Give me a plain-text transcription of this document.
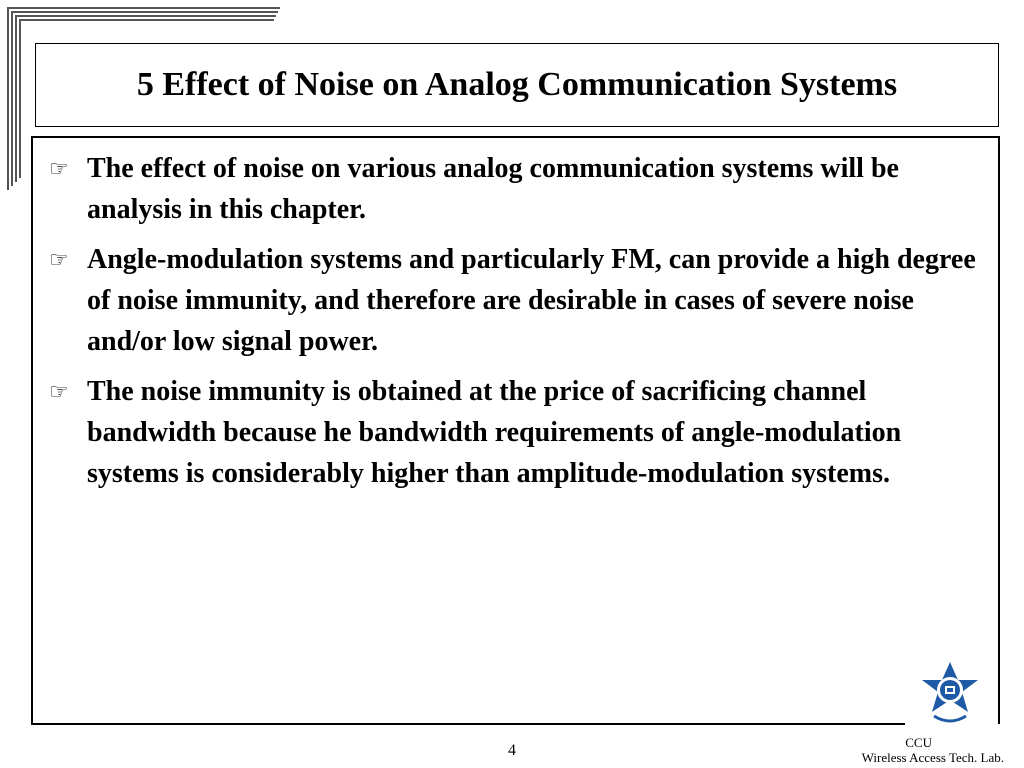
5 Effect of Noise on Analog Communication Systems
☞ The effect of noise on various analog communication systems will be analysis in this chapter.
☞ Angle-modulation systems and particularly FM, can provide a high degree of noise immunity, and therefore are desirable in cases of severe noise and/or low signal power.
☞ The noise immunity is obtained at the price of sacrificing channel bandwidth because he bandwidth requirements of angle-modulation systems is considerably higher than amplitude-modulation systems.
4	CCU
Wireless Access Tech. Lab.
